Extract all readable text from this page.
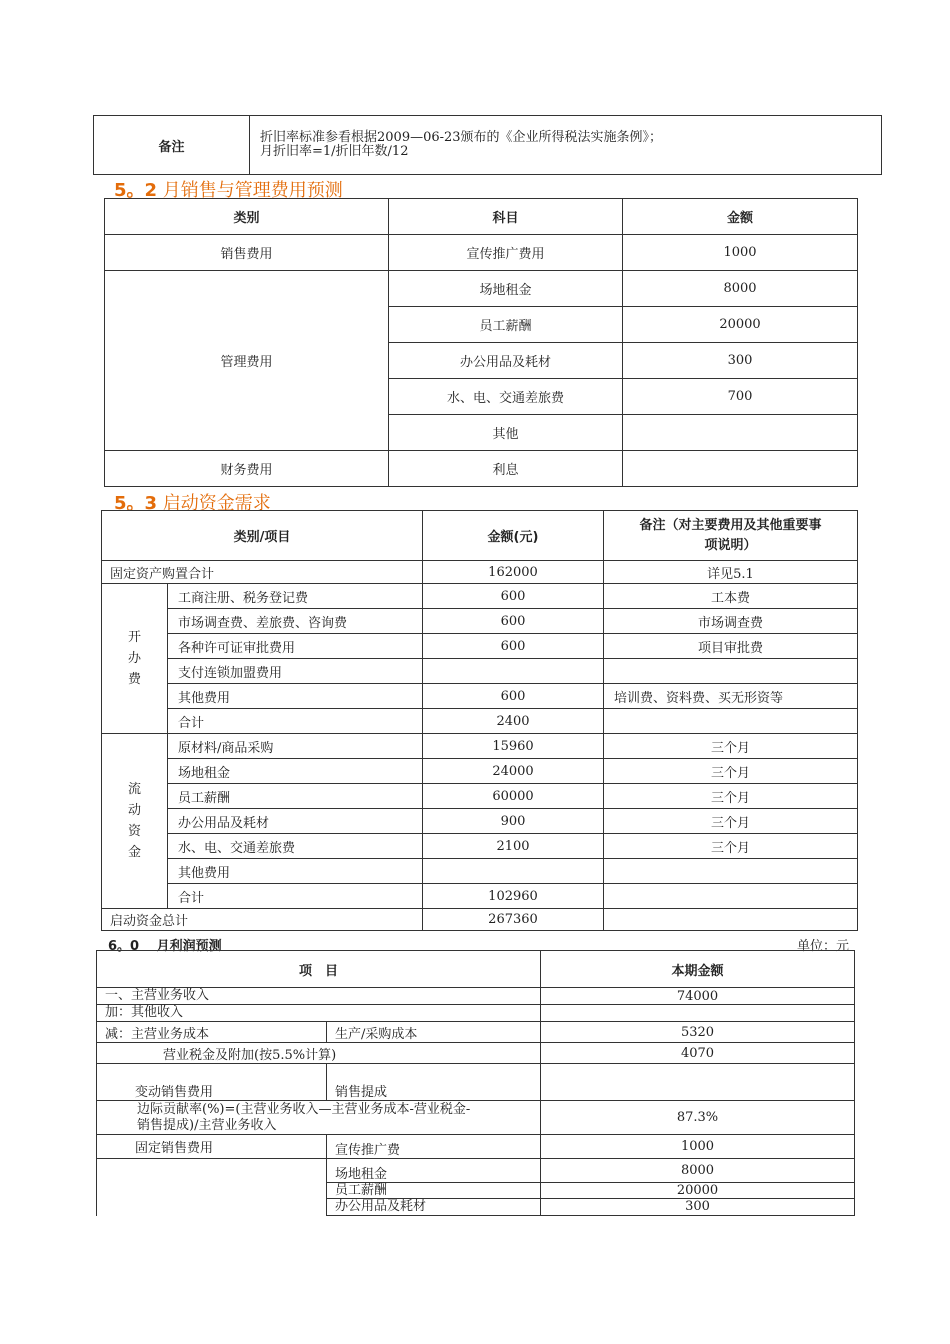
备注	
折旧率标准参看根据2009—06-23颁布的《企业所得税法实施条例》；
月折旧率=1/折旧年数/12
5。2 月销售与管理费用预测
类别	科目	金额
销售费用	宣传推广费用	1000
管理费用	场地租金	8000
	员工薪酬	20000
	办公用品及耗材	300
	水、电、交通差旅费	700
	其他	
财务费用	利息	
5。3 启动资金需求
类别/项目		金额(元)	备注（对主要费用及其他重要事
项说明）

固定资产购置合计		162000	详见5.1

开
办
费	工商注册、税务登记费	600	工本费
	市场调查费、差旅费、咨询费	600	市场调查费
	各种许可证审批费用	600	项目审批费
	支付连锁加盟费用		
	其他费用	600	培训费、资料费、买无形资等
	合计	2400	

流
动
资
金	原材料/商品采购	15960	三个月
	场地租金	24000	三个月
	员工薪酬	60000	三个月
	办公用品及耗材	900	三个月
	水、电、交通差旅费	2100	三个月
	其他费用		
	合计	102960	
启动资金总计		267360	
6。0　 月利润预测	单位：元
项　目		本期金额
一、主营业务收入		74000
加：其他收入		
减：主营业务成本	生产/采购成本	5320
营业税金及附加(按5.5%计算)		4070
变动销售费用	销售提成	

边际贡献率(%)=(主营业务收入—主营业务成本-营业税金-
销售提成)/主营业务收入		87.3%
固定销售费用	宣传推广费	1000
	场地租金	8000
	员工薪酬	20000
	办公用品及耗材	300
